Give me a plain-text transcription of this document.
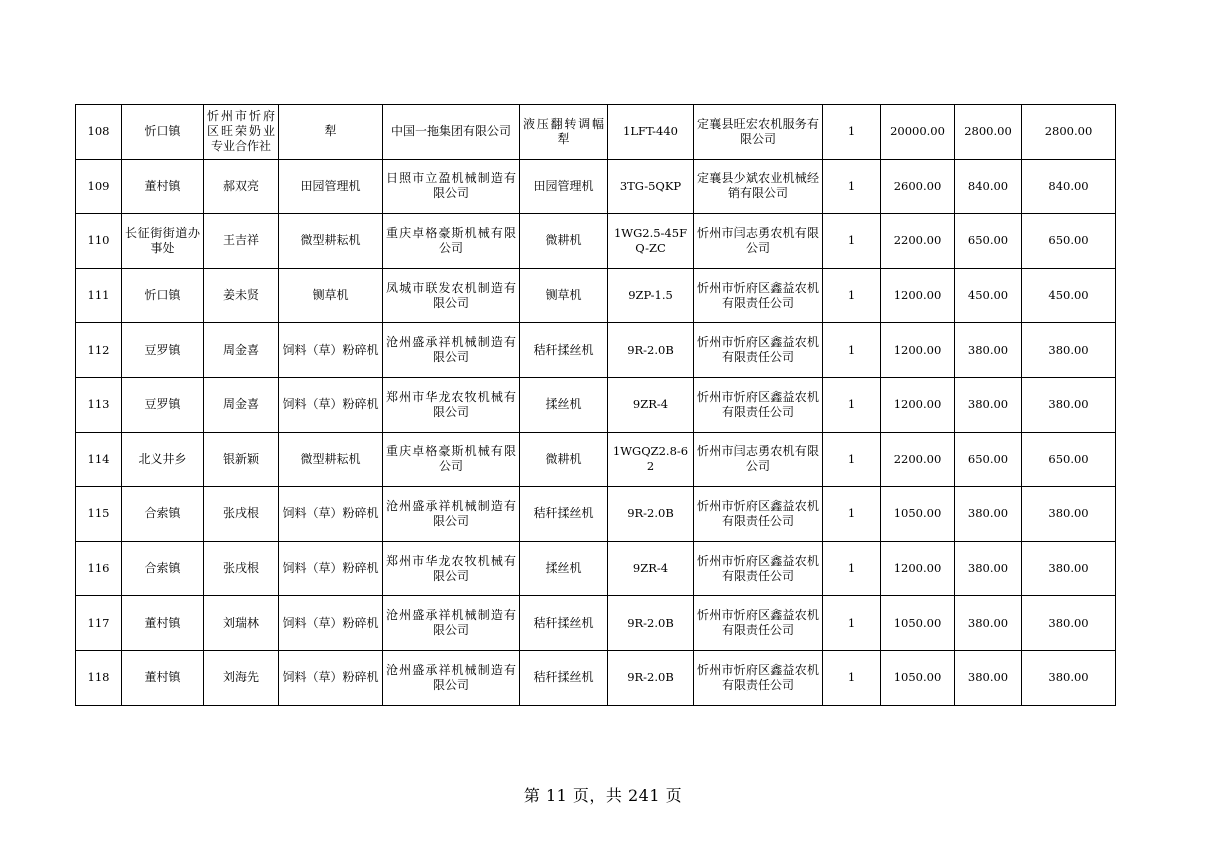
108	忻口镇	忻州市忻府区旺荣奶业专业合作社	犁	中国一拖集团有限公司	液压翻转调幅犁	1LFT-440	定襄县旺宏农机服务有限公司	1	20000.00	2800.00	2800.00
109	董村镇	郝双亮	田园管理机	日照市立盈机械制造有限公司	田园管理机	3TG-5QKP	定襄县少斌农业机械经销有限公司	1	2600.00	840.00	840.00
110	长征街街道办事处	王吉祥	微型耕耘机	重庆卓格豪斯机械有限公司	微耕机	1WG2.5-45FQ-ZC	忻州市闫志勇农机有限公司	1	2200.00	650.00	650.00
111	忻口镇	姜未贤	铡草机	凤城市联发农机制造有限公司	铡草机	9ZP-1.5	忻州市忻府区鑫益农机有限责任公司	1	1200.00	450.00	450.00
112	豆罗镇	周金喜	饲料（草）粉碎机	沧州盛承祥机械制造有限公司	秸秆揉丝机	9R-2.0B	忻州市忻府区鑫益农机有限责任公司	1	1200.00	380.00	380.00
113	豆罗镇	周金喜	饲料（草）粉碎机	郑州市华龙农牧机械有限公司	揉丝机	9ZR-4	忻州市忻府区鑫益农机有限责任公司	1	1200.00	380.00	380.00
114	北义井乡	银新颖	微型耕耘机	重庆卓格豪斯机械有限公司	微耕机	1WGQZ2.8-62	忻州市闫志勇农机有限公司	1	2200.00	650.00	650.00
115	合索镇	张戌根	饲料（草）粉碎机	沧州盛承祥机械制造有限公司	秸秆揉丝机	9R-2.0B	忻州市忻府区鑫益农机有限责任公司	1	1050.00	380.00	380.00
116	合索镇	张戌根	饲料（草）粉碎机	郑州市华龙农牧机械有限公司	揉丝机	9ZR-4	忻州市忻府区鑫益农机有限责任公司	1	1200.00	380.00	380.00
117	董村镇	刘瑞林	饲料（草）粉碎机	沧州盛承祥机械制造有限公司	秸秆揉丝机	9R-2.0B	忻州市忻府区鑫益农机有限责任公司	1	1050.00	380.00	380.00
118	董村镇	刘海先	饲料（草）粉碎机	沧州盛承祥机械制造有限公司	秸秆揉丝机	9R-2.0B	忻州市忻府区鑫益农机有限责任公司	1	1050.00	380.00	380.00
第 11 页，共 241 页
